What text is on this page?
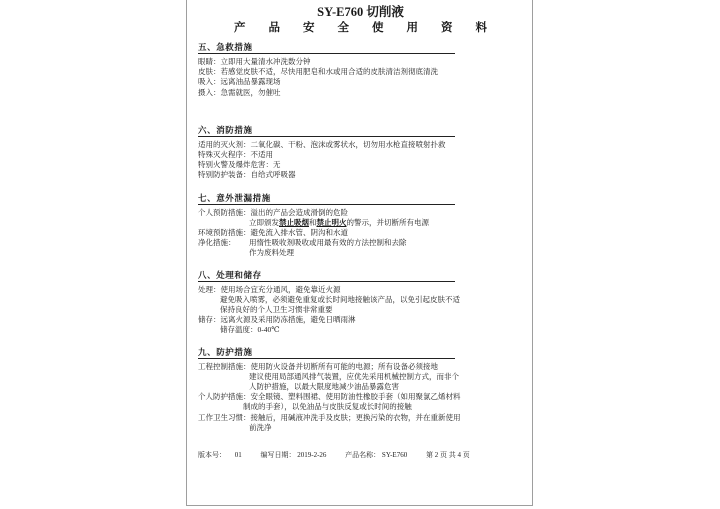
SY-E760 切削液
产品安全使用资料
五、急救措施
眼睛：立即用大量清水冲洗数分钟
皮肤：若感觉皮肤不适，尽快用肥皂和水或用合适的皮肤清洁剂彻底清洗
吸入：远离油品暴露现场
摄入：急需就医，勿催吐
六、消防措施
适用的灭火剂：二氧化碳、干粉、泡沫或雾状水，切勿用水枪直接喷射扑救
特殊灭火程序：不适用
特别火警及爆炸危害：无
特别防护装备：自给式呼吸器
七、意外泄漏措施
个人预防措施：溢出的产品会造成滑倒的危险
立即颁发禁止吸烟和禁止明火的警示，并切断所有电源
环境预防措施：避免流入排水管、阴沟和水道
净化措施： 用惰性吸收剂吸收或用最有效的方法控制和去除
作为废料处理
八、处理和储存
处理：使用场合宜充分通风，避免靠近火源
避免吸入喷雾，必须避免重复或长时间地接触该产品，以免引起皮肤不适
保持良好的个人卫生习惯非常重要
储存：远离火源及采用防冻措施，避免日晒雨淋
储存温度：0-40℃
九、防护措施
工程控制措施：使用防火设备并切断所有可能的电源；所有设备必须接地
建议使用局部通风排气装置，应优先采用机械控制方式，而非个
人防护措施，以最大限度地减少油品暴露危害
个人防护措施：安全眼镜、塑料围裙、使用防油性橡胶手套（如用聚氯乙烯材料
制成的手套），以免油品与皮肤反复或长时间的接触
工作卫生习惯：接触后，用碱液冲洗手及皮肤；更换污染的衣物，并在重新使用
前洗净
版本号： 01	编写日期： 2019-2-26	产品名称： SY-E760	第 2 页 共 4 页
